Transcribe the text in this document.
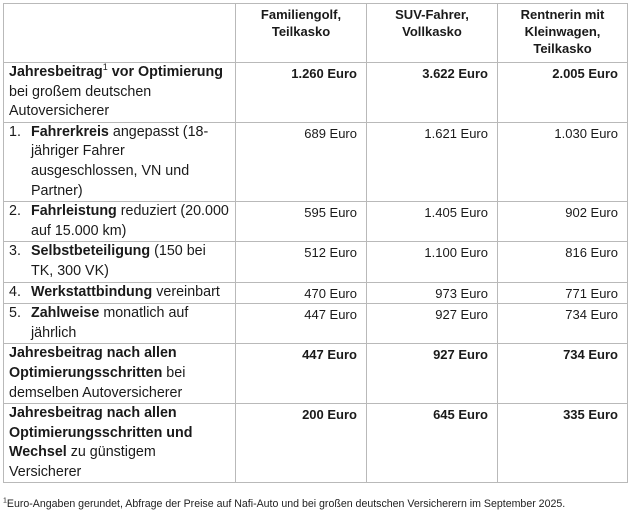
	Familiengolf, Teilkasko	SUV-Fahrer, Vollkasko	Rentnerin mit Kleinwagen, Teilkasko
Jahresbeitrag$^1$ vor Optimierung bei großem deutschen Autoversicherer	1.260 Euro	3.622 Euro	2.005 Euro

1. Fahrerkreis angepasst (18-jähriger Fahrer ausgeschlossen, VN und Partner)	689 Euro	1.621 Euro	1.030 Euro

2. Fahrleistung reduziert (20.000 auf 15.000 km)	595 Euro	1.405 Euro	902 Euro

3. Selbstbeteiligung (150 bei TK, 300 VK)	512 Euro	1.100 Euro	816 Euro

4. Werkstattbindung vereinbart	470 Euro	973 Euro	771 Euro

5. Zahlweise monatlich auf jährlich	447 Euro	927 Euro	734 Euro
Jahresbeitrag nach allen Optimierungsschritten bei demselben Autoversicherer	447 Euro	927 Euro	734 Euro
Jahresbeitrag nach allen Optimierungsschritten und Wechsel zu günstigem Versicherer	200 Euro	645 Euro	335 Euro
$^1$Euro-Angaben gerundet, Abfrage der Preise auf Nafi-Auto und bei großen deutschen Versicherern im September 2025.
